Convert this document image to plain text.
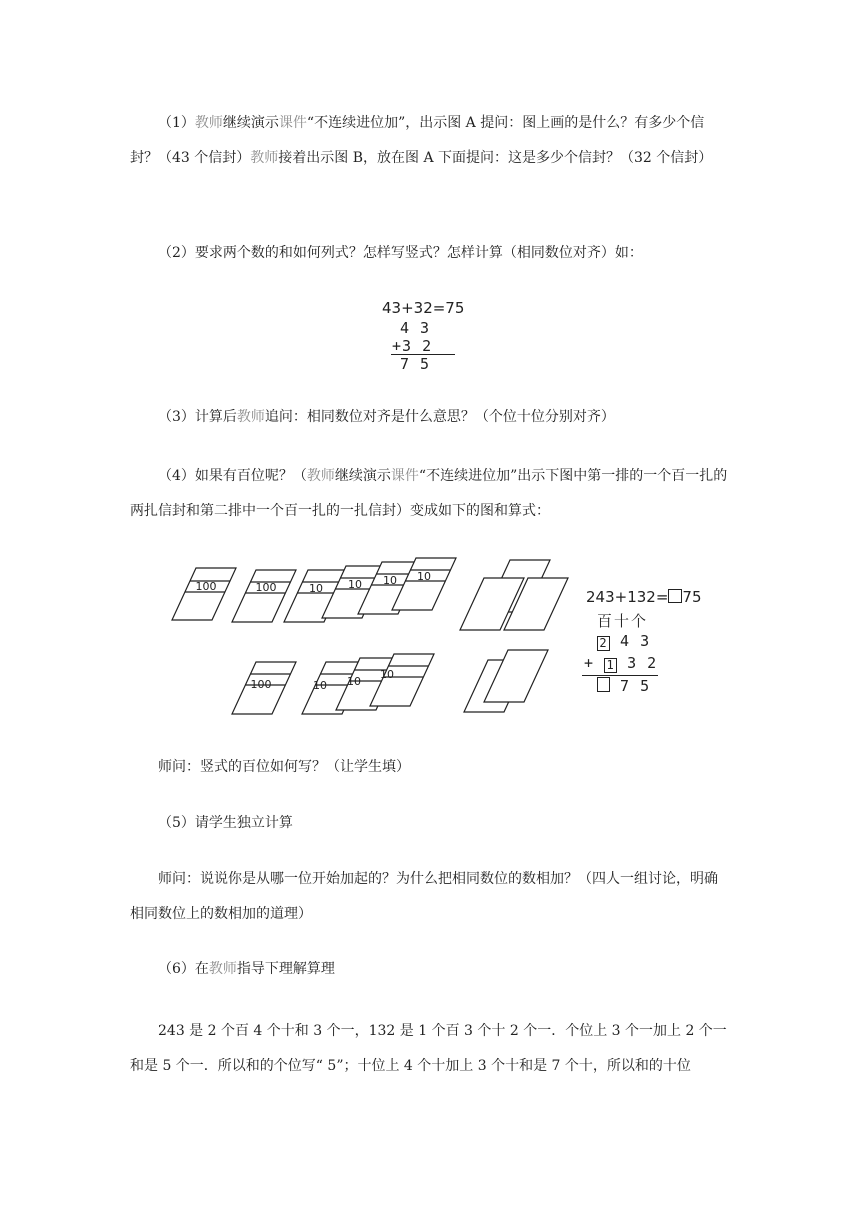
（1）教师继续演示课件“不连续进位加”，出示图 A 提问：图上画的是什么？有多少个信封？（43 个信封）教师接着出示图 B，放在图 A 下面提问：这是多少个信封？（32 个信封）
（2）要求两个数的和如何列式？怎样写竖式？怎样计算（相同数位对齐）如：
43+32=75
4 3
+3 2
7 5
（3）计算后教师追问：相同数位对齐是什么意思？（个位十位分别对齐）
（4）如果有百位呢？（教师继续演示课件“不连续进位加”出示下图中第一排的一个百一扎的两扎信封和第二排中一个百一扎的一扎信封）变成如下的图和算式：
100	100	10 10 10 10
100	10 10
10
243+132= 75
百十个
2 4 3
+ 1 3 2
7 5
师问：竖式的百位如何写？（让学生填）
（5）请学生独立计算
师问：说说你是从哪一位开始加起的？为什么把相同数位的数相加？（四人一组讨论，明确相同数位上的数相加的道理）
（6）在教师指导下理解算理
243 是 2 个百 4 个十和 3 个一，132 是 1 个百 3 个十 2 个一．个位上 3 个一加上 2 个一和是 5 个一．所以和的个位写“ 5”；十位上 4 个十加上 3 个十和是 7 个十，所以和的十位
